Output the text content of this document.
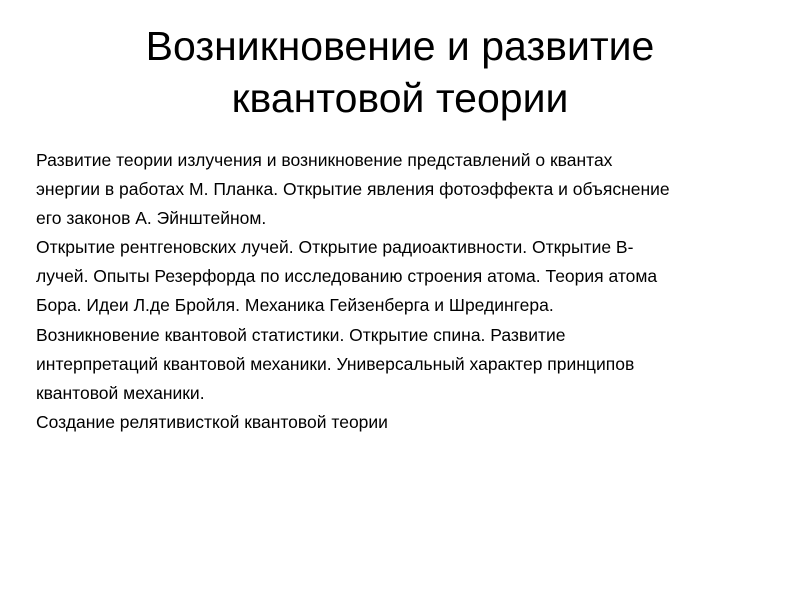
Возникновение и развитие
квантовой теории
Развитие теории излучения и возникновение представлений о квантах
энергии в работах М. Планка. Открытие явления фотоэффекта и объяснение
его законов А. Эйнштейном.
Открытие рентгеновских лучей. Открытие радиоактивности. Открытие В-
лучей. Опыты Резерфорда по исследованию строения атома. Теория атома
Бора. Идеи Л.де Бройля. Механика Гейзенберга и Шредингера.
Возникновение квантовой статистики. Открытие спина. Развитие
интерпретаций квантовой механики. Универсальный характер принципов
квантовой механики.
Создание релятивисткой квантовой теории
